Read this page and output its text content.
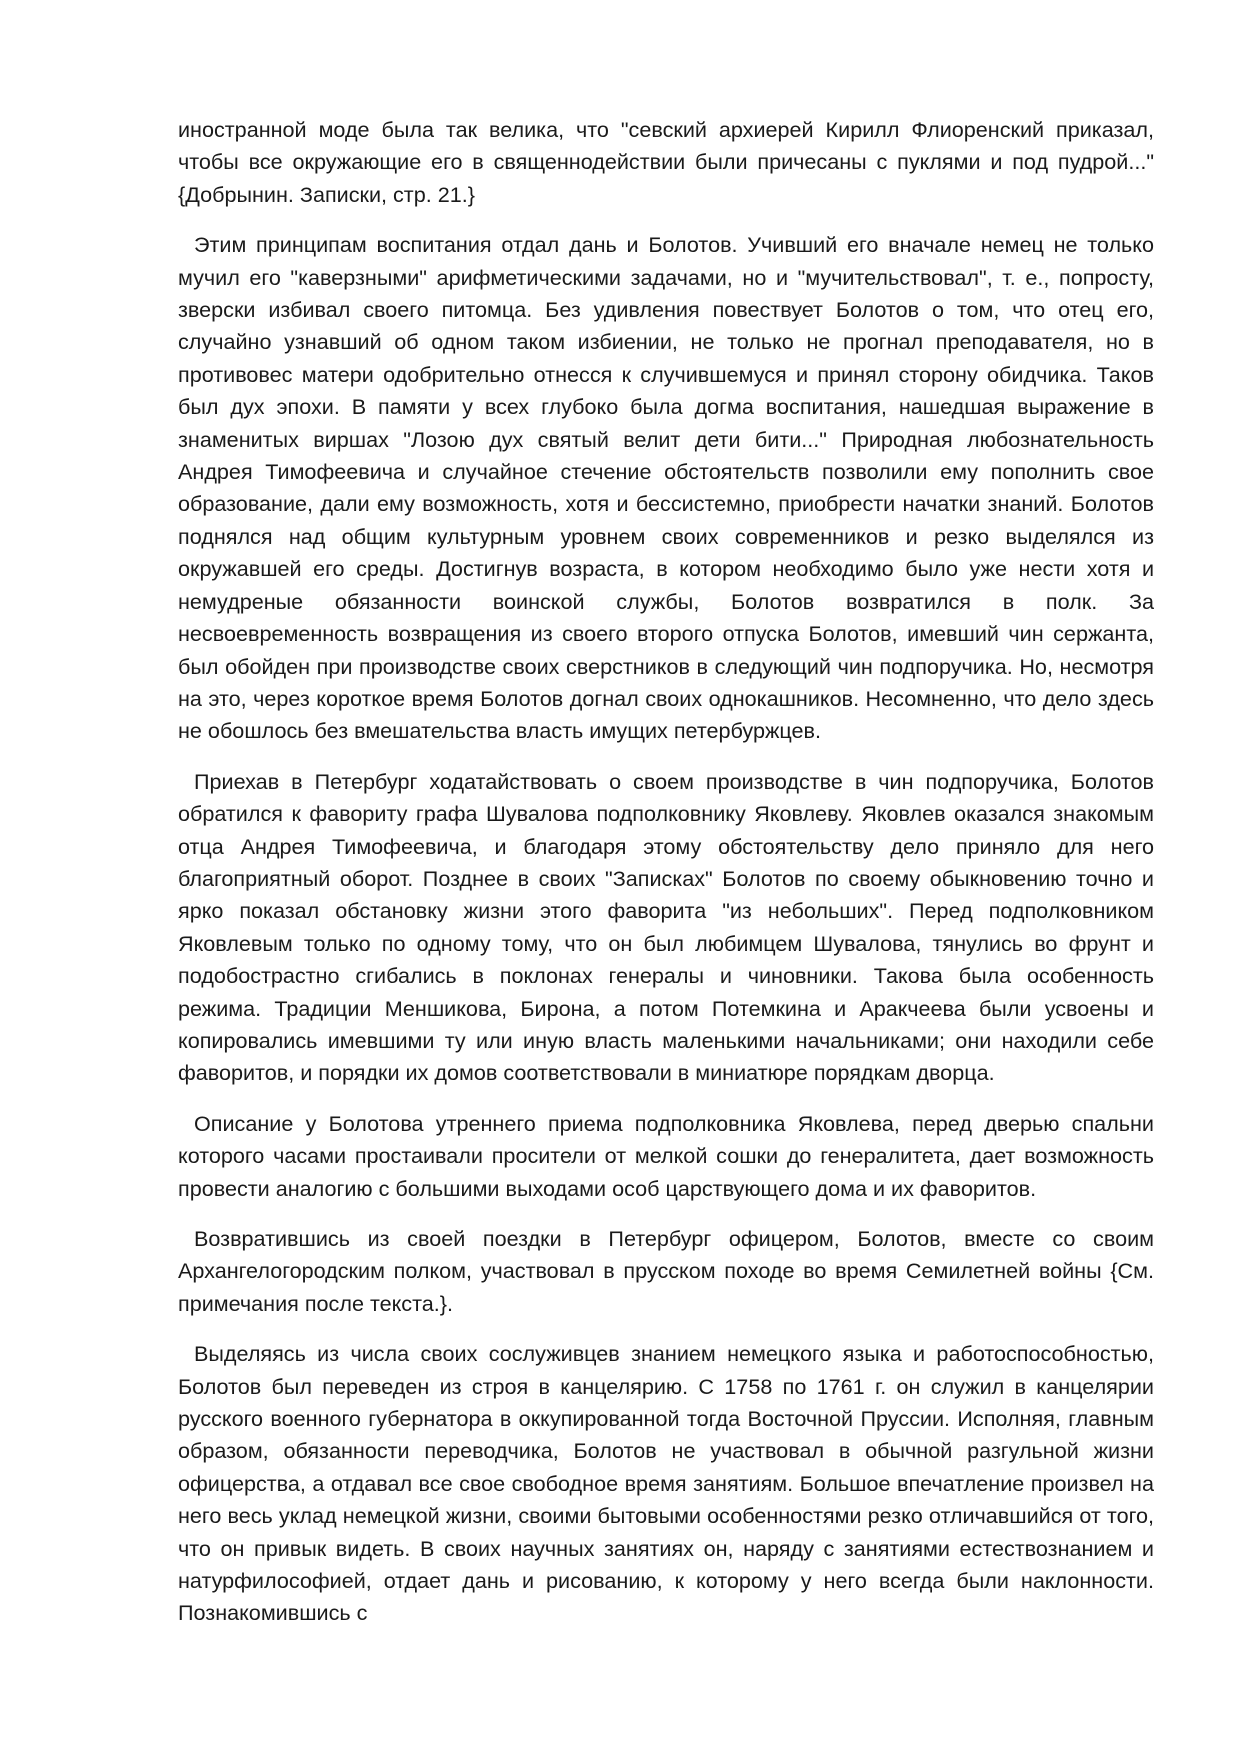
иностранной моде была так велика, что "севский архиерей Кирилл Флиоренский приказал, чтобы все окружающие его в священнодействии были причесаны с пуклями и под пудрой..." {Добрынин. Записки, стр. 21.}

Этим принципам воспитания отдал дань и Болотов. Учивший его вначале немец не только мучил его "каверзными" арифметическими задачами, но и "мучительствовал", т. е., попросту, зверски избивал своего питомца. Без удивления повествует Болотов о том, что отец его, случайно узнавший об одном таком избиении, не только не прогнал преподавателя, но в противовес матери одобрительно отнесся к случившемуся и принял сторону обидчика. Таков был дух эпохи. В памяти у всех глубоко была догма воспитания, нашедшая выражение в знаменитых виршах "Лозою дух святый велит дети бити..." Природная любознательность Андрея Тимофеевича и случайное стечение обстоятельств позволили ему пополнить свое образование, дали ему возможность, хотя и бессистемно, приобрести начатки знаний. Болотов поднялся над общим культурным уровнем своих современников и резко выделялся из окружавшей его среды. Достигнув возраста, в котором необходимо было уже нести хотя и немудреные обязанности воинской службы, Болотов возвратился в полк. За несвоевременность возвращения из своего второго отпуска Болотов, имевший чин сержанта, был обойден при производстве своих сверстников в следующий чин подпоручика. Но, несмотря на это, через короткое время Болотов догнал своих однокашников. Несомненно, что дело здесь не обошлось без вмешательства власть имущих петербуржцев.

Приехав в Петербург ходатайствовать о своем производстве в чин подпоручика, Болотов обратился к фавориту графа Шувалова подполковнику Яковлеву. Яковлев оказался знакомым отца Андрея Тимофеевича, и благодаря этому обстоятельству дело приняло для него благоприятный оборот. Позднее в своих "Записках" Болотов по своему обыкновению точно и ярко показал обстановку жизни этого фаворита "из небольших". Перед подполковником Яковлевым только по одному тому, что он был любимцем Шувалова, тянулись во фрунт и подобострастно сгибались в поклонах генералы и чиновники. Такова была особенность режима. Традиции Меншикова, Бирона, а потом Потемкина и Аракчеева были усвоены и копировались имевшими ту или иную власть маленькими начальниками; они находили себе фаворитов, и порядки их домов соответствовали в миниатюре порядкам дворца.

Описание у Болотова утреннего приема подполковника Яковлева, перед дверью спальни которого часами простаивали просители от мелкой сошки до генералитета, дает возможность провести аналогию с большими выходами особ царствующего дома и их фаворитов.

Возвратившись из своей поездки в Петербург офицером, Болотов, вместе со своим Архангелогородским полком, участвовал в прусском походе во время Семилетней войны {См. примечания после текста.}.

Выделяясь из числа своих сослуживцев знанием немецкого языка и работоспособностью, Болотов был переведен из строя в канцелярию. С 1758 по 1761 г. он служил в канцелярии русского военного губернатора в оккупированной тогда Восточной Пруссии. Исполняя, главным образом, обязанности переводчика, Болотов не участвовал в обычной разгульной жизни офицерства, а отдавал все свое свободное время занятиям. Большое впечатление произвел на него весь уклад немецкой жизни, своими бытовыми особенностями резко отличавшийся от того, что он привык видеть. В своих научных занятиях он, наряду с занятиями естествознанием и натурфилософией, отдает дань и рисованию, к которому у него всегда были наклонности. Познакомившись с
